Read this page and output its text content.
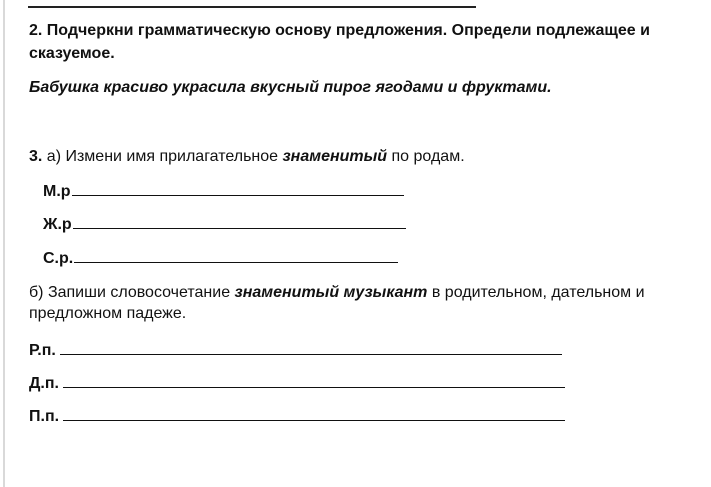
2. Подчеркни грамматическую основу предложения. Определи подлежащее и
сказуемое.
Бабушка красиво украсила вкусный пирог ягодами и фруктами.
3. а) Измени имя прилагательное знаменитый по родам.
М.р
Ж.р
С.р.
б) Запиши словосочетание знаменитый музыкант в родительном, дательном и
предложном падеже.
Р.п.
Д.п.
П.п.
